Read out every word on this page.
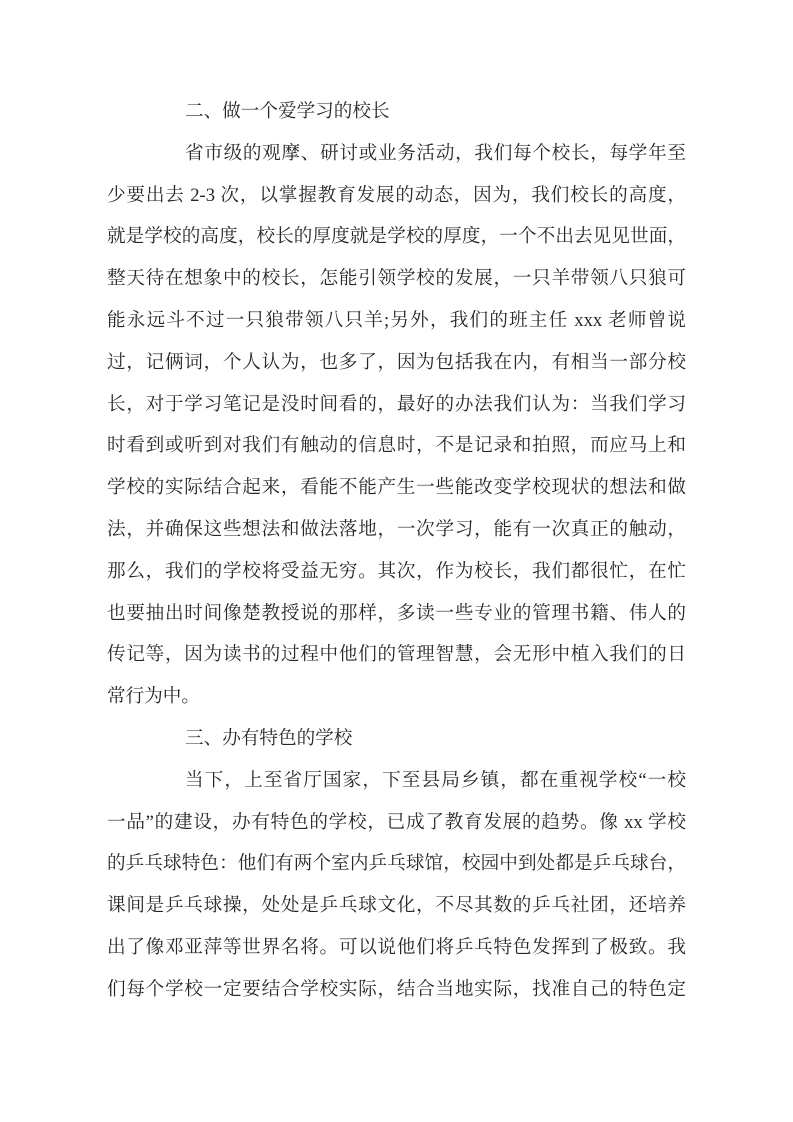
二、做一个爱学习的校长
省市级的观摩、研讨或业务活动，我们每个校长，每学年至
少要出去 2-3 次，以掌握教育发展的动态，因为，我们校长的高度，
就是学校的高度，校长的厚度就是学校的厚度，一个不出去见见世面，
整天待在想象中的校长，怎能引领学校的发展，一只羊带领八只狼可
能永远斗不过一只狼带领八只羊;另外，我们的班主任 xxx 老师曾说
过，记俩词，个人认为，也多了，因为包括我在内，有相当一部分校
长，对于学习笔记是没时间看的，最好的办法我们认为：当我们学习
时看到或听到对我们有触动的信息时，不是记录和拍照，而应马上和
学校的实际结合起来，看能不能产生一些能改变学校现状的想法和做
法，并确保这些想法和做法落地，一次学习，能有一次真正的触动，
那么，我们的学校将受益无穷。其次，作为校长，我们都很忙，在忙
也要抽出时间像楚教授说的那样，多读一些专业的管理书籍、伟人的
传记等，因为读书的过程中他们的管理智慧，会无形中植入我们的日
常行为中。
三、办有特色的学校
当下，上至省厅国家，下至县局乡镇，都在重视学校“一校
一品”的建设，办有特色的学校，已成了教育发展的趋势。像 xx 学校
的乒乓球特色：他们有两个室内乒乓球馆，校园中到处都是乒乓球台，
课间是乒乓球操，处处是乒乓球文化，不尽其数的乒乓社团，还培养
出了像邓亚萍等世界名将。可以说他们将乒乓特色发挥到了极致。我
们每个学校一定要结合学校实际，结合当地实际，找准自己的特色定
